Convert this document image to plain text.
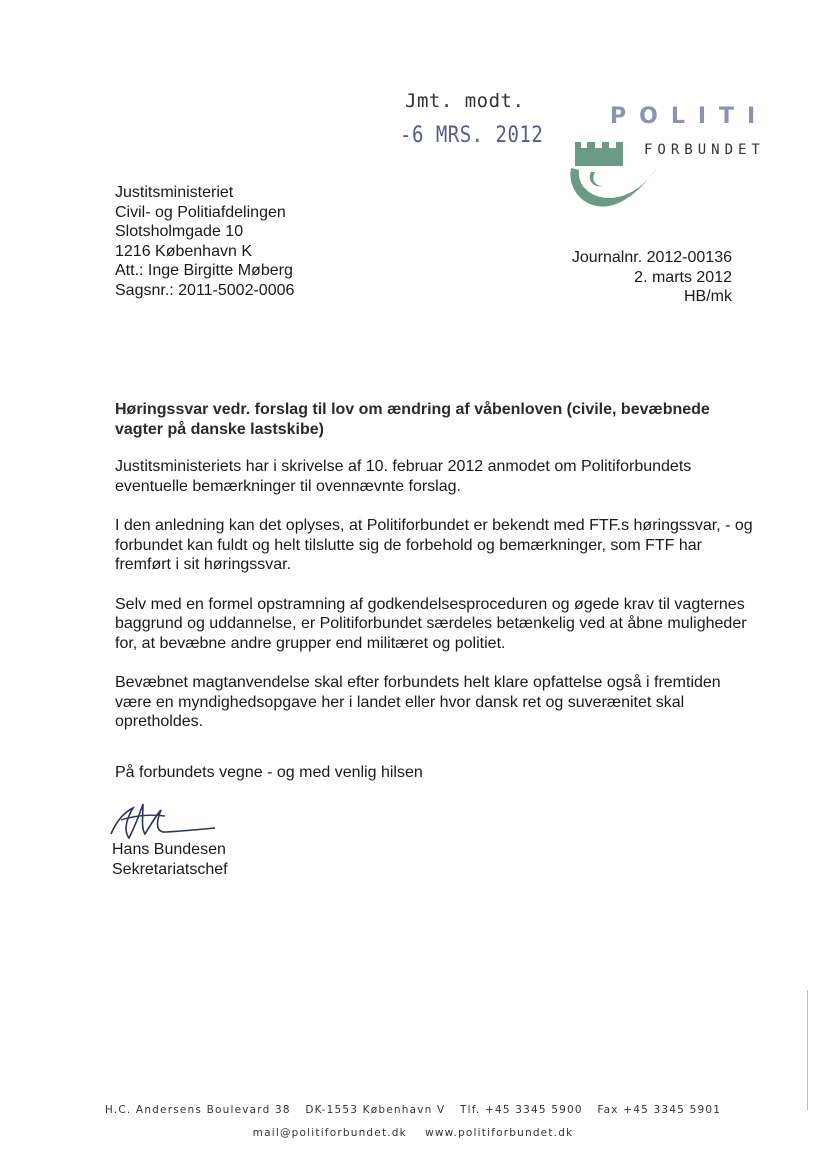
Jmt. modt.
-6 MRS. 2012
POLITI
FORBUNDET
Justitsministeriet
Civil- og Politiafdelingen
Slotsholmgade 10
1216 København K
Att.: Inge Birgitte Møberg
Sagsnr.: 2011-5002-0006
Journalnr. 2012-00136
2. marts 2012
HB/mk
Høringssvar vedr. forslag til lov om ændring af våbenloven (civile, bevæbnede vagter på danske lastskibe)

Justitsministeriets har i skrivelse af 10. februar 2012 anmodet om Politiforbundets eventuelle bemærkninger til ovennævnte forslag.

I den anledning kan det oplyses, at Politiforbundet er bekendt med FTF.s høringssvar, - og forbundet kan fuldt og helt tilslutte sig de forbehold og bemærkninger, som FTF har fremført i sit høringssvar.

Selv med en formel opstramning af godkendelsesproceduren og øgede krav til vagternes baggrund og uddannelse, er Politiforbundet særdeles betænkelig ved at åbne muligheder for, at bevæbne andre grupper end militæret og politiet.

Bevæbnet magtanvendelse skal efter forbundets helt klare opfattelse også i fremtiden være en myndighedsopgave her i landet eller hvor dansk ret og suverænitet skal opretholdes.

På forbundets vegne - og med venlig hilsen
Hans Bundesen
Sekretariatschef
H.C. Andersens Boulevard 38 DK-1553 København V Tlf. +45 3345 5900 Fax +45 3345 5901
mail@politiforbundet.dk www.politiforbundet.dk
